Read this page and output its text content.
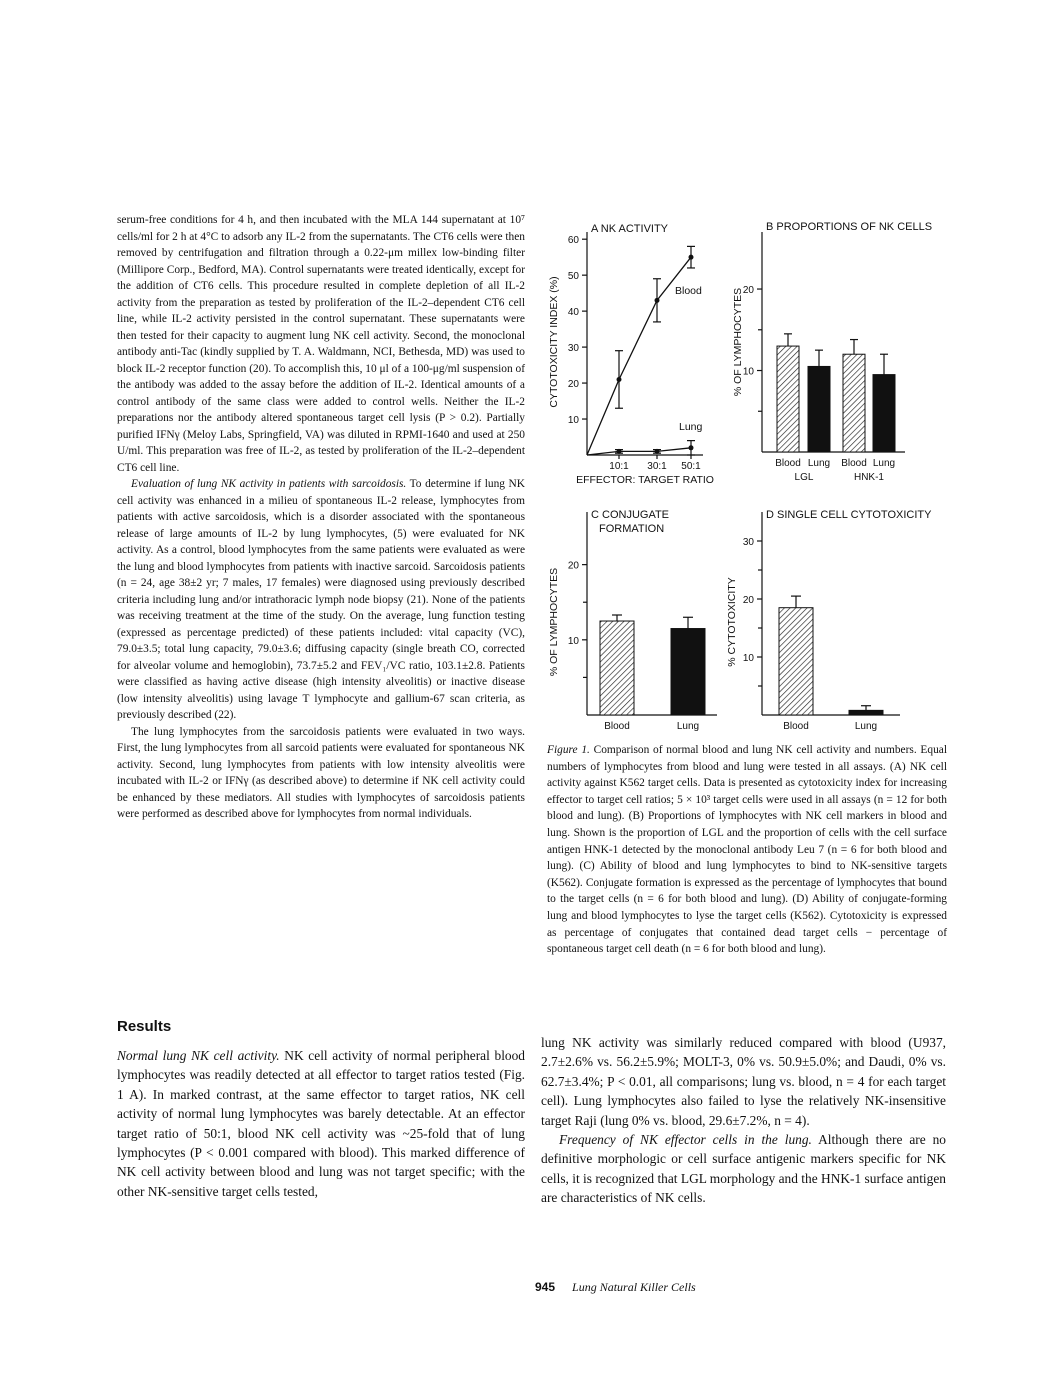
serum-free conditions for 4 h, and then incubated with the MLA 144 supernatant at 10⁷ cells/ml for 2 h at 4°C to adsorb any IL-2 from the supernatants. The CT6 cells were then removed by centrifugation and filtration through a 0.22-μm millex low-binding filter (Millipore Corp., Bedford, MA). Control supernatants were treated identically, except for the addition of CT6 cells. This procedure resulted in complete depletion of all IL-2 activity from the preparation as tested by proliferation of the IL-2–dependent CT6 cell line, while IL-2 activity persisted in the control supernatant. These supernatants were then tested for their capacity to augment lung NK cell activity. Second, the monoclonal antibody anti-Tac (kindly supplied by T. A. Waldmann, NCI, Bethesda, MD) was used to block IL-2 receptor function (20). To accomplish this, 10 μl of a 100-μg/ml suspension of the antibody was added to the assay before the addition of IL-2. Identical amounts of a control antibody of the same class were added to control wells. Neither the IL-2 preparations nor the antibody altered spontaneous target cell lysis (P > 0.2). Partially purified IFNγ (Meloy Labs, Springfield, VA) was diluted in RPMI-1640 and used at 250 U/ml. This preparation was free of IL-2, as tested by proliferation of the IL-2–dependent CT6 cell line.

Evaluation of lung NK activity in patients with sarcoidosis. To determine if lung NK cell activity was enhanced in a milieu of spontaneous IL-2 release, lymphocytes from patients with active sarcoidosis, which is a disorder associated with the spontaneous release of large amounts of IL-2 by lung lymphocytes, (5) were evaluated for NK activity. As a control, blood lymphocytes from the same patients were evaluated as were the lung and blood lymphocytes from patients with inactive sarcoid. Sarcoidosis patients (n = 24, age 38±2 yr; 7 males, 17 females) were diagnosed using previously described criteria including lung and/or intrathoracic lymph node biopsy (21). None of the patients was receiving treatment at the time of the study. On the average, lung function testing (expressed as percentage predicted) of these patients included: vital capacity (VC), 79.0±3.5; total lung capacity, 79.0±3.6; diffusing capacity (single breath CO, corrected for alveolar volume and hemoglobin), 73.7±5.2 and FEV₁/VC ratio, 103.1±2.8. Patients were classified as having active disease (high intensity alveolitis) or inactive disease (low intensity alveolitis) using lavage T lymphocyte and gallium-67 scan criteria, as previously described (22).

The lung lymphocytes from the sarcoidosis patients were evaluated in two ways. First, the lung lymphocytes from all sarcoid patients were evaluated for spontaneous NK activity. Second, lung lymphocytes from patients with low intensity alveolitis were incubated with IL-2 or IFNγ (as described above) to determine if NK cell activity could be enhanced by these mediators. All studies with lymphocytes of sarcoidosis patients were performed as described above for lymphocytes from normal individuals.

Results

Normal lung NK cell activity. NK cell activity of normal peripheral blood lymphocytes was readily detected at all effector to target ratios tested (Fig. 1 A). In marked contrast, at the same effector to target ratios, NK cell activity of normal lung lymphocytes was barely detectable. At an effector target ratio of 50:1, blood NK cell activity was ~25-fold that of lung lymphocytes (P < 0.001 compared with blood). This marked difference of NK cell activity between blood and lung was not target specific; with the other NK-sensitive target cells tested,

lung NK activity was similarly reduced compared with blood (U937, 2.7±2.6% vs. 56.2±5.9%; MOLT-3, 0% vs. 50.9±5.0%; and Daudi, 0% vs. 62.7±3.4%; P < 0.01, all comparisons; lung vs. blood, n = 4 for each target cell). Lung lymphocytes also failed to lyse the relatively NK-insensitive target Raji (lung 0% vs. blood, 29.6±7.2%, n = 4).

Frequency of NK effector cells in the lung. Although there are no definitive morphologic or cell surface antigenic markers specific for NK cells, it is recognized that LGL morphology and the HNK-1 surface antigen are characteristics of NK cells.

Figure 1. Comparison of normal blood and lung NK cell activity and numbers. Equal numbers of lymphocytes from blood and lung were tested in all assays. (A) NK cell activity against K562 target cells. Data is presented as cytotoxicity index for increasing effector to target cell ratios; 5 × 10³ target cells were used in all assays (n = 12 for both blood and lung). (B) Proportions of lymphocytes with NK cell markers in blood and lung. Shown is the proportion of LGL and the proportion of cells with the cell surface antigen HNK-1 detected by the monoclonal antibody Leu 7 (n = 6 for both blood and lung). (C) Ability of blood and lung lymphocytes to bind to NK-sensitive targets (K562). Conjugate formation is expressed as the percentage of lymphocytes that bound to the target cells (n = 6 for both blood and lung). (D) Ability of conjugate-forming lung and blood lymphocytes to lyse the target cells (K562). Cytotoxicity is expressed as percentage of conjugates that contained dead target cells − percentage of spontaneous target cell death (n = 6 for both blood and lung).
945 Lung Natural Killer Cells
A NK ACTIVITY
10
20
30
40
50
60
10:1 30:1 50:1
EFFECTOR: TARGET RATIO
CYTOTOXICITY INDEX (%)	Blood
Lung
B PROPORTIONS OF NK CELLS
10
20
% OF LYMPHOCYTES
Blood Lung Blood Lung
LGL	HNK-1
C CONJUGATE
FORMATION
10
20
% OF LYMPHOCYTES
Blood	Lung
D SINGLE CELL CYTOTOXICITY
10
20
30
% CYTOTOXICITY
Blood	Lung
